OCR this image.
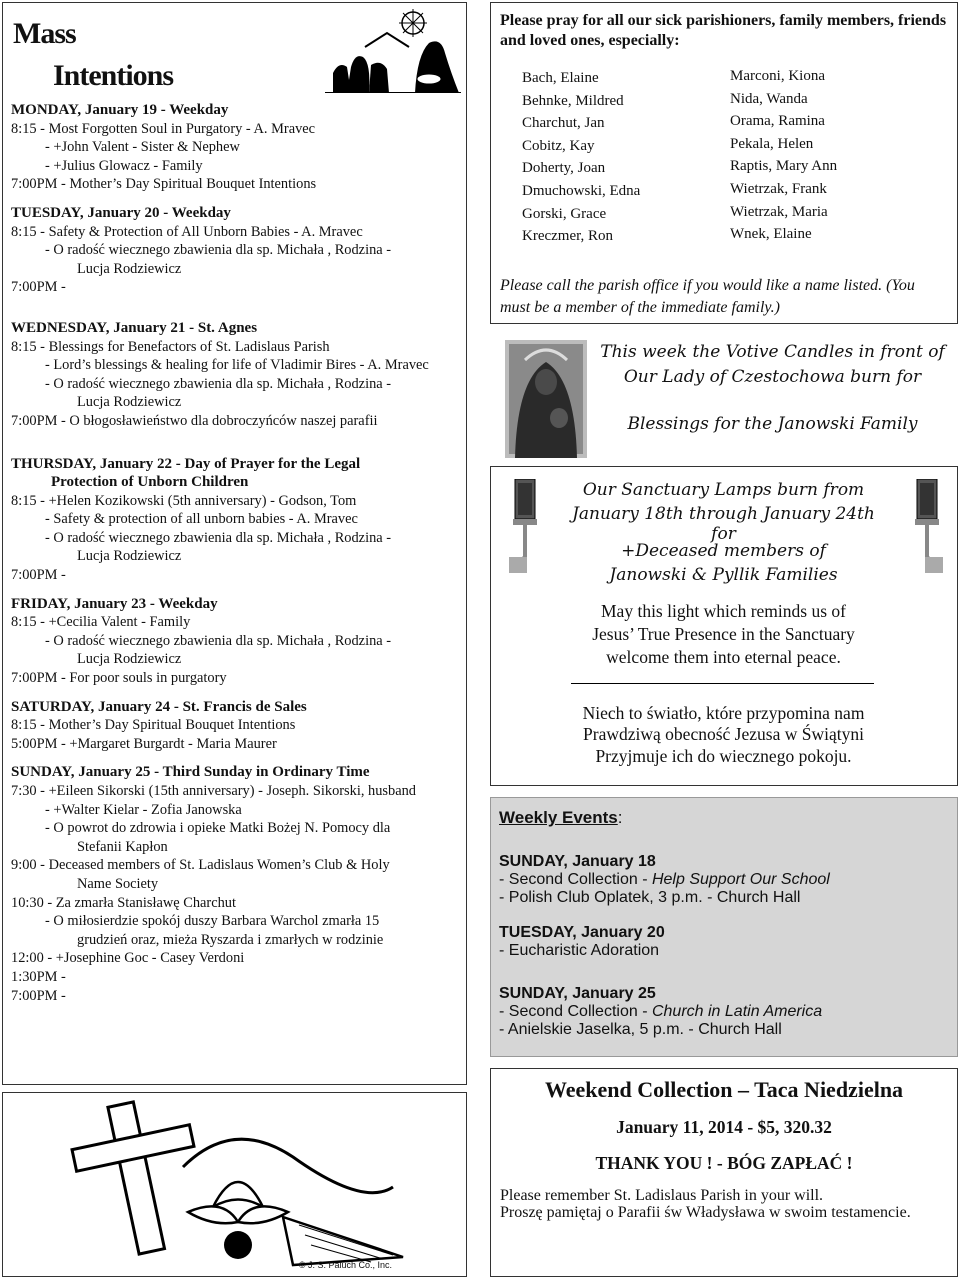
Mass
Intentions
MONDAY, January 19 - Weekday
8:15 - Most Forgotten Soul in Purgatory - A. Mravec
- +John Valent - Sister & Nephew
- +Julius Glowacz - Family
7:00PM - Mother’s Day Spiritual Bouquet Intentions
TUESDAY, January 20 - Weekday
8:15 - Safety & Protection of All Unborn Babies - A. Mravec
- O radość wiecznego zbawienia dla sp. Michała , Rodzina -
Lucja Rodziewicz
7:00PM -
WEDNESDAY, January 21 - St. Agnes
8:15 - Blessings for Benefactors of St. Ladislaus Parish
- Lord’s blessings & healing for life of Vladimir Bires - A. Mravec
- O radość wiecznego zbawienia dla sp. Michała , Rodzina -
Lucja Rodziewicz
7:00PM - O błogosławieństwo dla dobroczyńców naszej parafii
THURSDAY, January 22 - Day of Prayer for the Legal
Protection of Unborn Children
8:15 - +Helen Kozikowski (5th anniversary) - Godson, Tom
- Safety & protection of all unborn babies - A. Mravec
- O radość wiecznego zbawienia dla sp. Michała , Rodzina -
Lucja Rodziewicz
7:00PM -
FRIDAY, January 23 - Weekday
8:15 - +Cecilia Valent - Family
- O radość wiecznego zbawienia dla sp. Michała , Rodzina -
Lucja Rodziewicz
7:00PM - For poor souls in purgatory
SATURDAY, January 24 - St. Francis de Sales
8:15 - Mother’s Day Spiritual Bouquet Intentions
5:00PM - +Margaret Burgardt - Maria Maurer
SUNDAY, January 25 - Third Sunday in Ordinary Time
7:30 - +Eileen Sikorski (15th anniversary) - Joseph. Sikorski, husband
- +Walter Kielar - Zofia Janowska
- O powrot do zdrowia i opieke Matki Bożej N. Pomocy dla
Stefanii Kapłon
9:00 - Deceased members of St. Ladislaus Women’s Club & Holy
Name Society
10:30 - Za zmarła Stanisławę Charchut
- O miłosierdzie spokój duszy Barbara Warchol zmarła 15
grudzień oraz, mieża Ryszarda i zmarłych w rodzinie
12:00 - +Josephine Goc - Casey Verdoni
1:30PM -
7:00PM -
© J. S. Paluch Co., Inc.
Please pray for all our sick parishioners, family members, friends and loved ones, especially:
Bach, Elaine
Behnke, Mildred
Charchut, Jan
Cobitz, Kay
Doherty, Joan
Dmuchowski, Edna
Gorski, Grace
Kreczmer, Ron
Marconi, Kiona
Nida, Wanda
Orama, Ramina
Pekala, Helen
Raptis, Mary Ann
Wietrzak, Frank
Wietrzak, Maria
Wnek, Elaine
Please call the parish office if you would like a name listed. (You must be a member of the immediate family.)
This week the Votive Candles in front of
Our Lady of Czestochowa burn for
Blessings for the Janowski Family
Our Sanctuary Lamps burn from
January 18th through January 24th for
+Deceased members of
Janowski & Pyllik Families
May this light which reminds us of
Jesus’ True Presence in the Sanctuary
welcome them into eternal peace.
Niech to światło, które przypomina nam
Prawdziwą obecność Jezusa w Świątyni
Przyjmuje ich do wiecznego pokoju.
Weekly Events:
SUNDAY, January 18
- Second Collection - Help Support Our School
- Polish Club Oplatek, 3 p.m. - Church Hall
TUESDAY, January 20
- Eucharistic Adoration
SUNDAY, January 25
- Second Collection - Church in Latin America
- Anielskie Jaselka, 5 p.m. - Church Hall
Weekend Collection – Taca Niedzielna
January 11, 2014 - $5, 320.32
THANK YOU ! - BÓG ZAPŁAĆ !
Please remember St. Ladislaus Parish in your will.
Proszę pamiętaj o Parafii św Władysława w swoim testamencie.
